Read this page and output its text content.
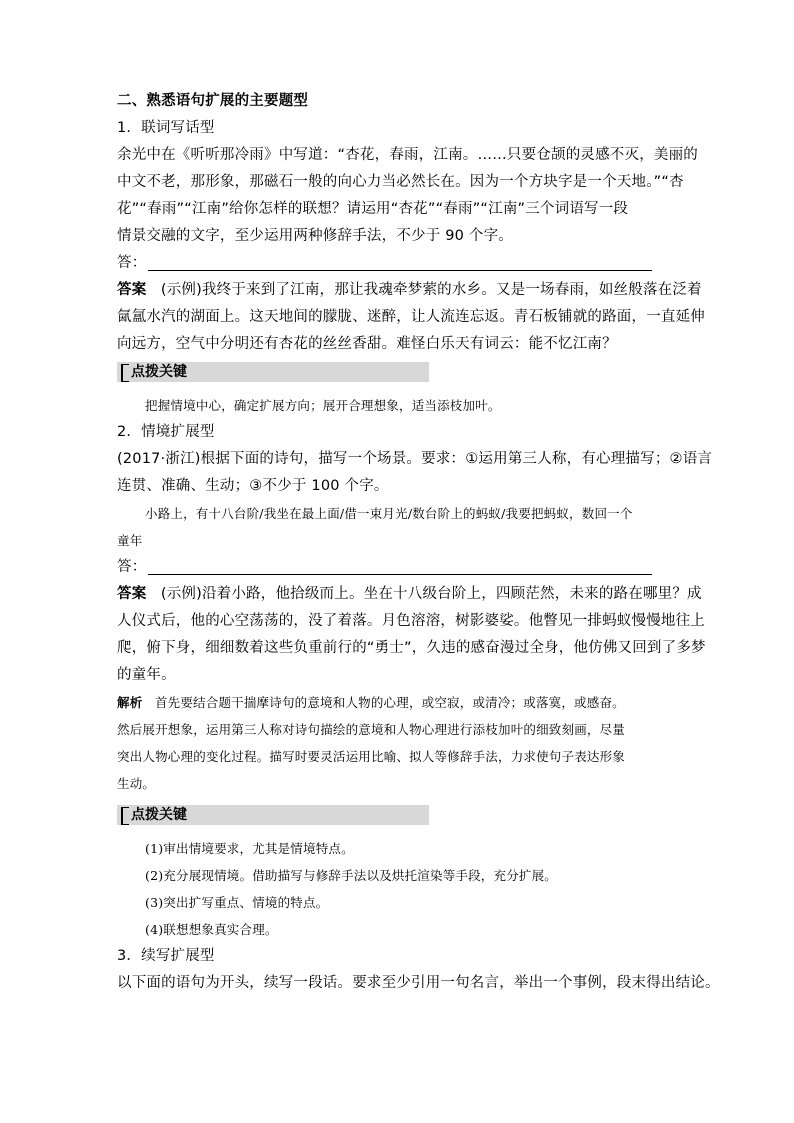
二、熟悉语句扩展的主要题型
1．联词写话型
余光中在《听听那冷雨》中写道：“杏花，春雨，江南。……只要仓颉的灵感不灭，美丽的
中文不老，那形象，那磁石一般的向心力当必然长在。因为一个方块字是一个天地。”“杏
花”“春雨”“江南”给你怎样的联想？请运用“杏花”“春雨”“江南”三个词语写一段
情景交融的文字，至少运用两种修辞手法，不少于 90 个字。
答：
答案 (示例)我终于来到了江南，那让我魂牵梦萦的水乡。又是一场春雨，如丝般落在泛着
氤氲水汽的湖面上。这天地间的朦胧、迷醉，让人流连忘返。青石板铺就的路面，一直延伸
向远方，空气中分明还有杏花的丝丝香甜。难怪白乐天有词云：能不忆江南？
点拨关键
把握情境中心，确定扩展方向；展开合理想象，适当添枝加叶。
2．情境扩展型
(2017·浙江)根据下面的诗句，描写一个场景。要求：①运用第三人称，有心理描写；②语言
连贯、准确、生动；③不少于 100 个字。
小路上，有十八台阶/我坐在最上面/借一束月光/数台阶上的蚂蚁/我要把蚂蚁，数回一个
童年
答：
答案 (示例)沿着小路，他拾级而上。坐在十八级台阶上，四顾茫然，未来的路在哪里？成
人仪式后，他的心空荡荡的，没了着落。月色溶溶，树影婆娑。他瞥见一排蚂蚁慢慢地往上
爬，俯下身，细细数着这些负重前行的“勇士”，久违的感奋漫过全身，他仿佛又回到了多梦
的童年。
解析 首先要结合题干揣摩诗句的意境和人物的心理，或空寂，或清冷；或落寞，或感奋。
然后展开想象，运用第三人称对诗句描绘的意境和人物心理进行添枝加叶的细致刻画，尽量
突出人物心理的变化过程。描写时要灵活运用比喻、拟人等修辞手法，力求使句子表达形象
生动。
点拨关键
(1)审出情境要求，尤其是情境特点。
(2)充分展现情境。借助描写与修辞手法以及烘托渲染等手段，充分扩展。
(3)突出扩写重点、情境的特点。
(4)联想想象真实合理。
3．续写扩展型
以下面的语句为开头，续写一段话。要求至少引用一句名言，举出一个事例，段末得出结论。
